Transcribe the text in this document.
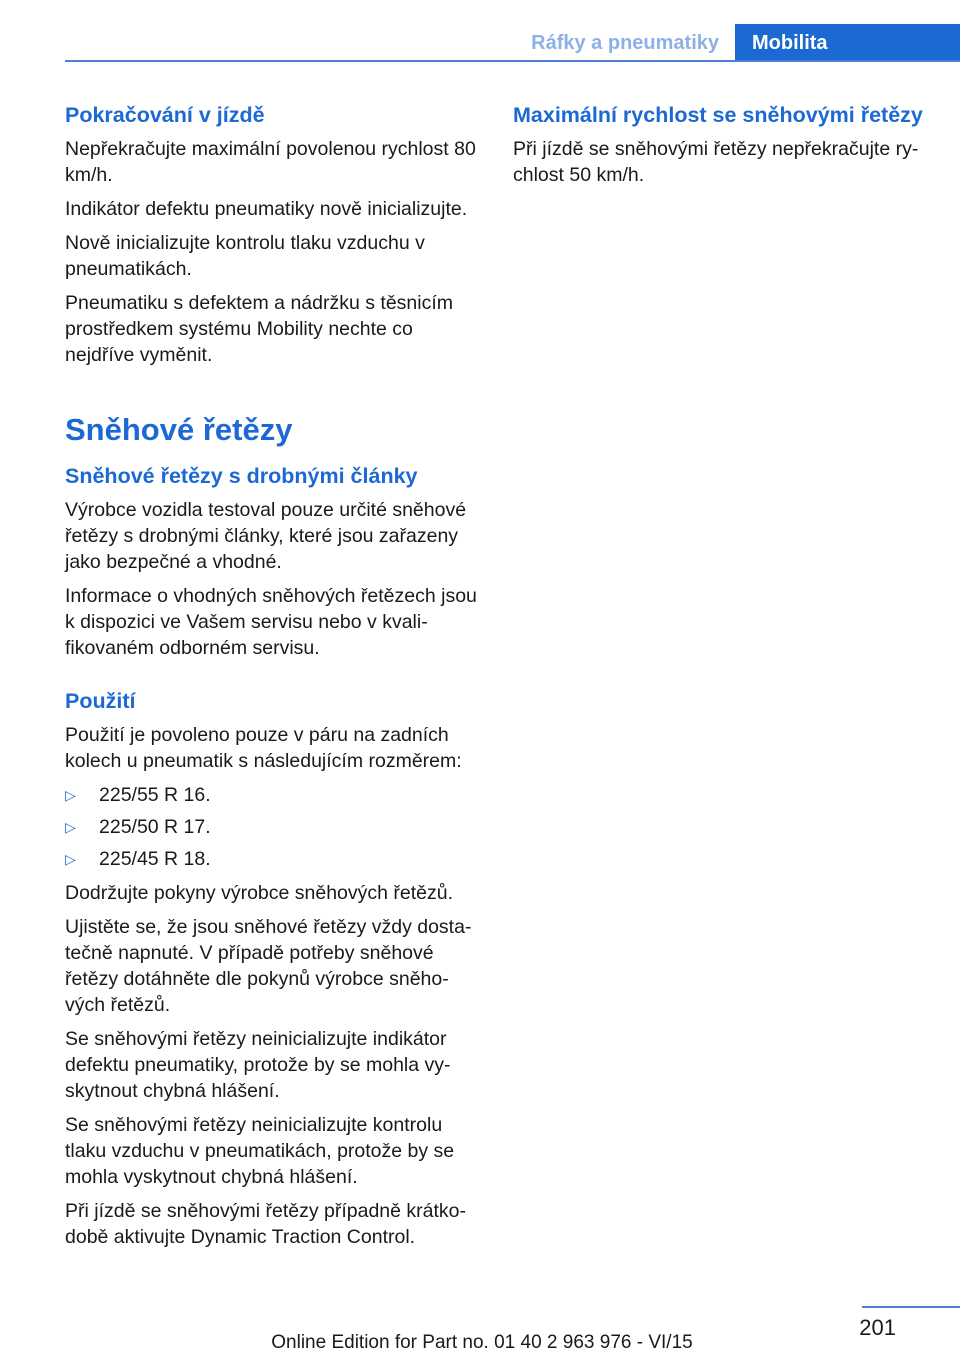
Ráfky a pneumatiky	Mobilita
Pokračování v jízdě
Nepřekračujte maximální povolenou rychlost 80 km/h.
Indikátor defektu pneumatiky nově inicializujte.
Nově inicializujte kontrolu tlaku vzduchu v pneumatikách.
Pneumatiku s defektem a nádržku s těsnicím prostředkem systému Mobility nechte co nejdříve vyměnit.
Sněhové řetězy
Sněhové řetězy s drobnými články
Výrobce vozidla testoval pouze určité sněhové řetězy s drobnými články, které jsou zařazeny jako bezpečné a vhodné.
Informace o vhodných sněhových řetězech jsou k dispozici ve Vašem servisu nebo v kvalifikovaném odborném servisu.
Použití
Použití je povoleno pouze v páru na zadních kolech u pneumatik s následujícím rozměrem:
▷	225/55 R 16.
▷	225/50 R 17.
▷	225/45 R 18.
Dodržujte pokyny výrobce sněhových řetězů.
Ujistěte se, že jsou sněhové řetězy vždy dostatečně napnuté. V případě potřeby sněhové řetězy dotáhněte dle pokynů výrobce sněhových řetězů.
Se sněhovými řetězy neinicializujte indikátor defektu pneumatiky, protože by se mohla vyskytnout chybná hlášení.
Se sněhovými řetězy neinicializujte kontrolu tlaku vzduchu v pneumatikách, protože by se mohla vyskytnout chybná hlášení.
Při jízdě se sněhovými řetězy případně krátkodobě aktivujte Dynamic Traction Control.
Maximální rychlost se sněhovými řetězy
Při jízdě se sněhovými řetězy nepřekračujte rychlost 50 km/h.
201
Online Edition for Part no. 01 40 2 963 976 - VI/15
